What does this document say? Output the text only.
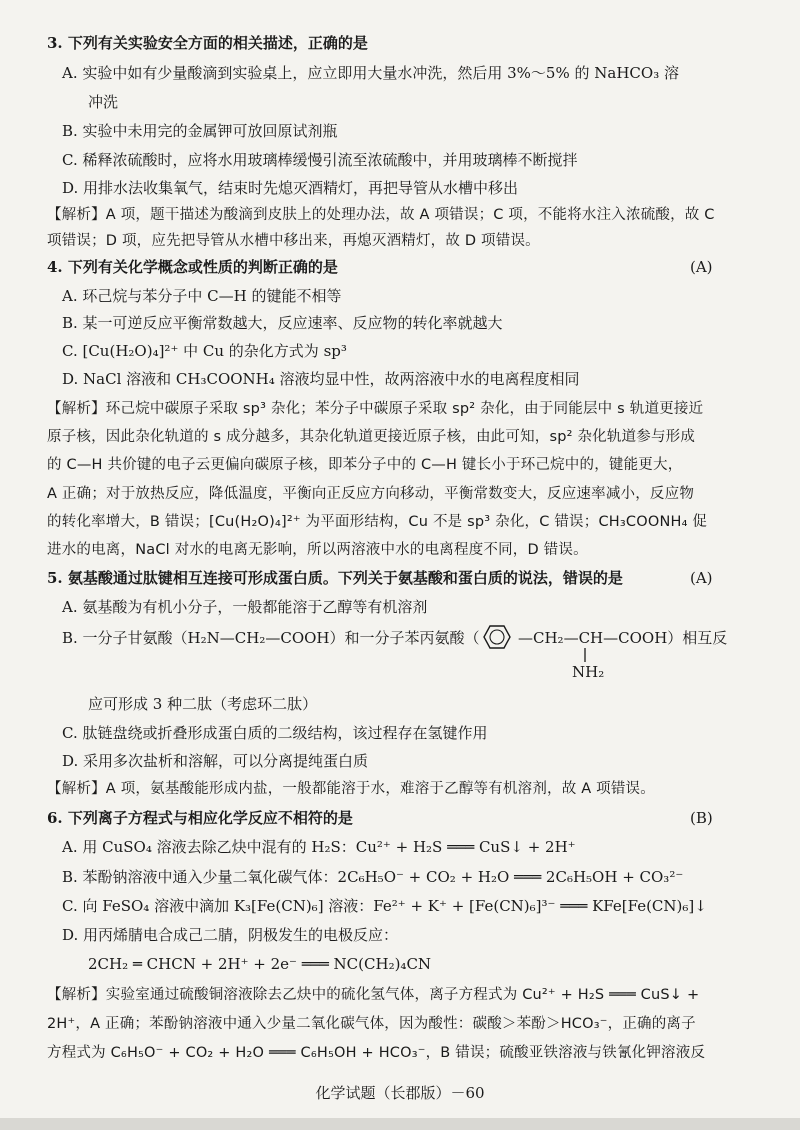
3. 下列有关实验安全方面的相关描述，正确的是
A. 实验中如有少量酸滴到实验桌上，应立即用大量水冲洗，然后用 3%～5% 的 NaHCO₃ 溶
冲洗
B. 实验中未用完的金属钾可放回原试剂瓶
C. 稀释浓硫酸时，应将水用玻璃棒缓慢引流至浓硫酸中，并用玻璃棒不断搅拌
D. 用排水法收集氧气，结束时先熄灭酒精灯，再把导管从水槽中移出
【解析】A 项，题干描述为酸滴到皮肤上的处理办法，故 A 项错误；C 项，不能将水注入浓硫酸，故 C
项错误；D 项，应先把导管从水槽中移出来，再熄灭酒精灯，故 D 项错误。
4. 下列有关化学概念或性质的判断正确的是	(A)
A. 环己烷与苯分子中 C—H 的键能不相等
B. 某一可逆反应平衡常数越大，反应速率、反应物的转化率就越大
C. [Cu(H₂O)₄]²⁺ 中 Cu 的杂化方式为 sp³
D. NaCl 溶液和 CH₃COONH₄ 溶液均显中性，故两溶液中水的电离程度相同
【解析】环己烷中碳原子采取 sp³ 杂化；苯分子中碳原子采取 sp² 杂化，由于同能层中 s 轨道更接近
原子核，因此杂化轨道的 s 成分越多，其杂化轨道更接近原子核，由此可知，sp² 杂化轨道参与形成
的 C—H 共价键的电子云更偏向碳原子核，即苯分子中的 C—H 键长小于环己烷中的，键能更大，
A 正确；对于放热反应，降低温度，平衡向正反应方向移动，平衡常数变大，反应速率减小，反应物
的转化率增大，B 错误；[Cu(H₂O)₄]²⁺ 为平面形结构，Cu 不是 sp³ 杂化，C 错误；CH₃COONH₄ 促
进水的电离，NaCl 对水的电离无影响，所以两溶液中水的电离程度不同，D 错误。
5. 氨基酸通过肽键相互连接可形成蛋白质。下列关于氨基酸和蛋白质的说法，错误的是	(A)
A. 氨基酸为有机小分子，一般都能溶于乙醇等有机溶剂
B. 一分子甘氨酸（H₂N—CH₂—COOH）和一分子苯丙氨酸（	—CH₂—CH—COOH）相互反
NH₂
应可形成 3 种二肽（考虑环二肽）
C. 肽链盘绕或折叠形成蛋白质的二级结构，该过程存在氢键作用
D. 采用多次盐析和溶解，可以分离提纯蛋白质
【解析】A 项，氨基酸能形成内盐，一般都能溶于水，难溶于乙醇等有机溶剂，故 A 项错误。
6. 下列离子方程式与相应化学反应不相符的是	(B)
A. 用 CuSO₄ 溶液去除乙炔中混有的 H₂S：Cu²⁺ + H₂S ═══ CuS↓ + 2H⁺
B. 苯酚钠溶液中通入少量二氧化碳气体：2C₆H₅O⁻ + CO₂ + H₂O ═══ 2C₆H₅OH + CO₃²⁻
C. 向 FeSO₄ 溶液中滴加 K₃[Fe(CN)₆] 溶液：Fe²⁺ + K⁺ + [Fe(CN)₆]³⁻ ═══ KFe[Fe(CN)₆]↓
D. 用丙烯腈电合成己二腈，阴极发生的电极反应：
2CH₂ ═ CHCN + 2H⁺ + 2e⁻ ═══ NC(CH₂)₄CN
【解析】实验室通过硫酸铜溶液除去乙炔中的硫化氢气体，离子方程式为 Cu²⁺ + H₂S ═══ CuS↓ +
2H⁺，A 正确；苯酚钠溶液中通入少量二氧化碳气体，因为酸性：碳酸＞苯酚＞HCO₃⁻，正确的离子
方程式为 C₆H₅O⁻ + CO₂ + H₂O ═══ C₆H₅OH + HCO₃⁻，B 错误；硫酸亚铁溶液与铁氰化钾溶液反
化学试题（长郡版）－60
